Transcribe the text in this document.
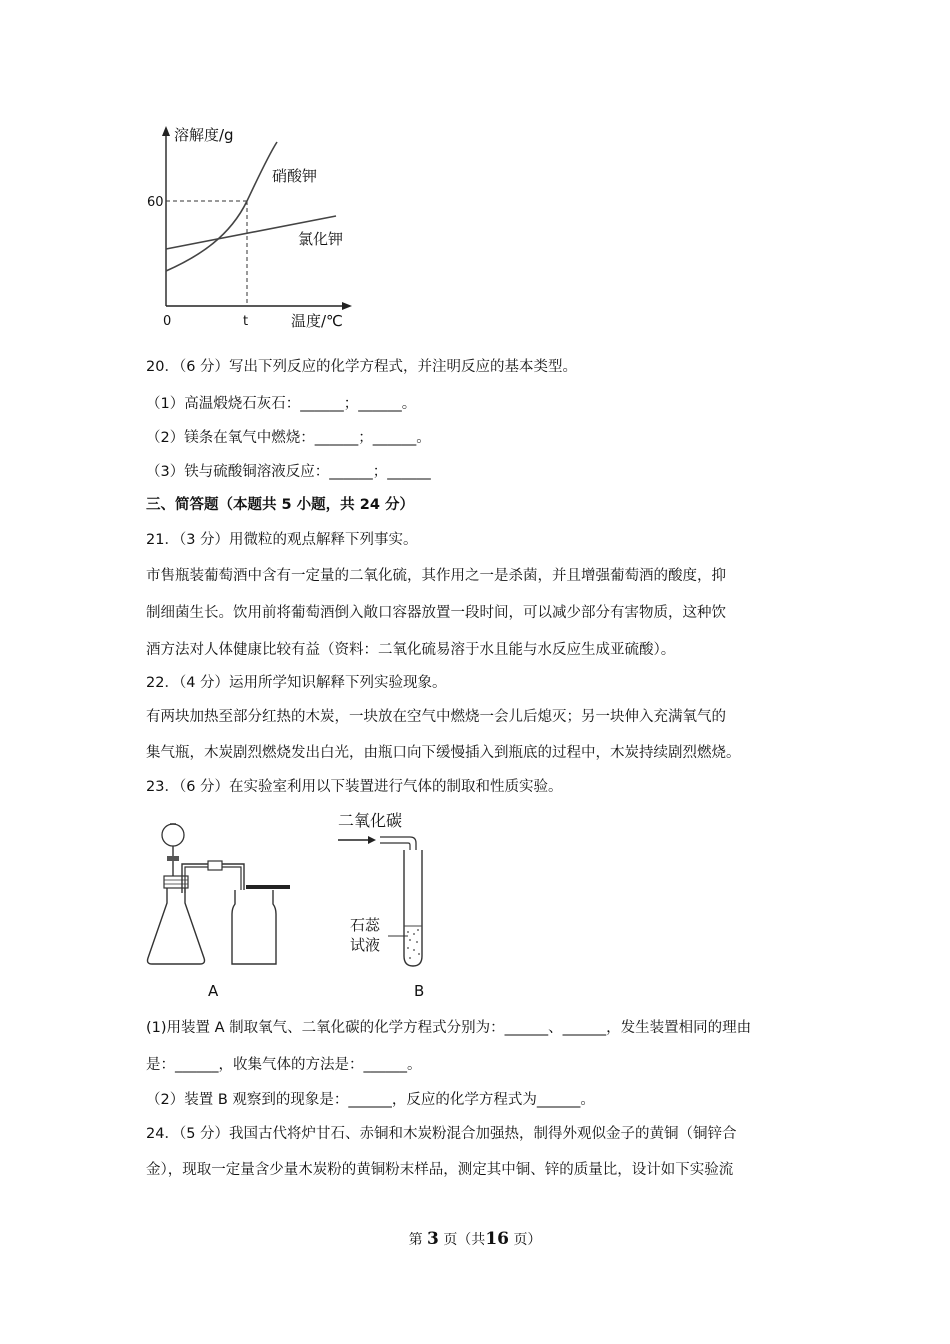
溶解度/g
温度/℃
60
0	t
硝酸钾
氯化钾
20．（6 分）写出下列反应的化学方程式，并注明反应的基本类型。
（1）高温煅烧石灰石：______；______。
（2）镁条在氧气中燃烧：______；______。
（3）铁与硫酸铜溶液反应：______；______
三、简答题（本题共 5 小题，共 24 分）
21．（3 分）用微粒的观点解释下列事实。
市售瓶装葡萄酒中含有一定量的二氧化硫，其作用之一是杀菌，并且增强葡萄酒的酸度，抑
制细菌生长。饮用前将葡萄酒倒入敞口容器放置一段时间，可以减少部分有害物质，这种饮
酒方法对人体健康比较有益（资料：二氧化硫易溶于水且能与水反应生成亚硫酸）。
22．（4 分）运用所学知识解释下列实验现象。
有两块加热至部分红热的木炭，一块放在空气中燃烧一会儿后熄灭；另一块伸入充满氧气的
集气瓶，木炭剧烈燃烧发出白光，由瓶口向下缓慢插入到瓶底的过程中，木炭持续剧烈燃烧。
23．（6 分）在实验室利用以下装置进行气体的制取和性质实验。
A
二氧化碳
石蕊
试液
B
(1)用装置 A 制取氧气、二氧化碳的化学方程式分别为：______、______，发生装置相同的理由
是：______，收集气体的方法是：______。
（2）装置 B 观察到的现象是：______，反应的化学方程式为______。
24．（5 分）我国古代将炉甘石、赤铜和木炭粉混合加强热，制得外观似金子的黄铜（铜锌合
金），现取一定量含少量木炭粉的黄铜粉末样品，测定其中铜、锌的质量比，设计如下实验流
第 3 页（共16 页）
